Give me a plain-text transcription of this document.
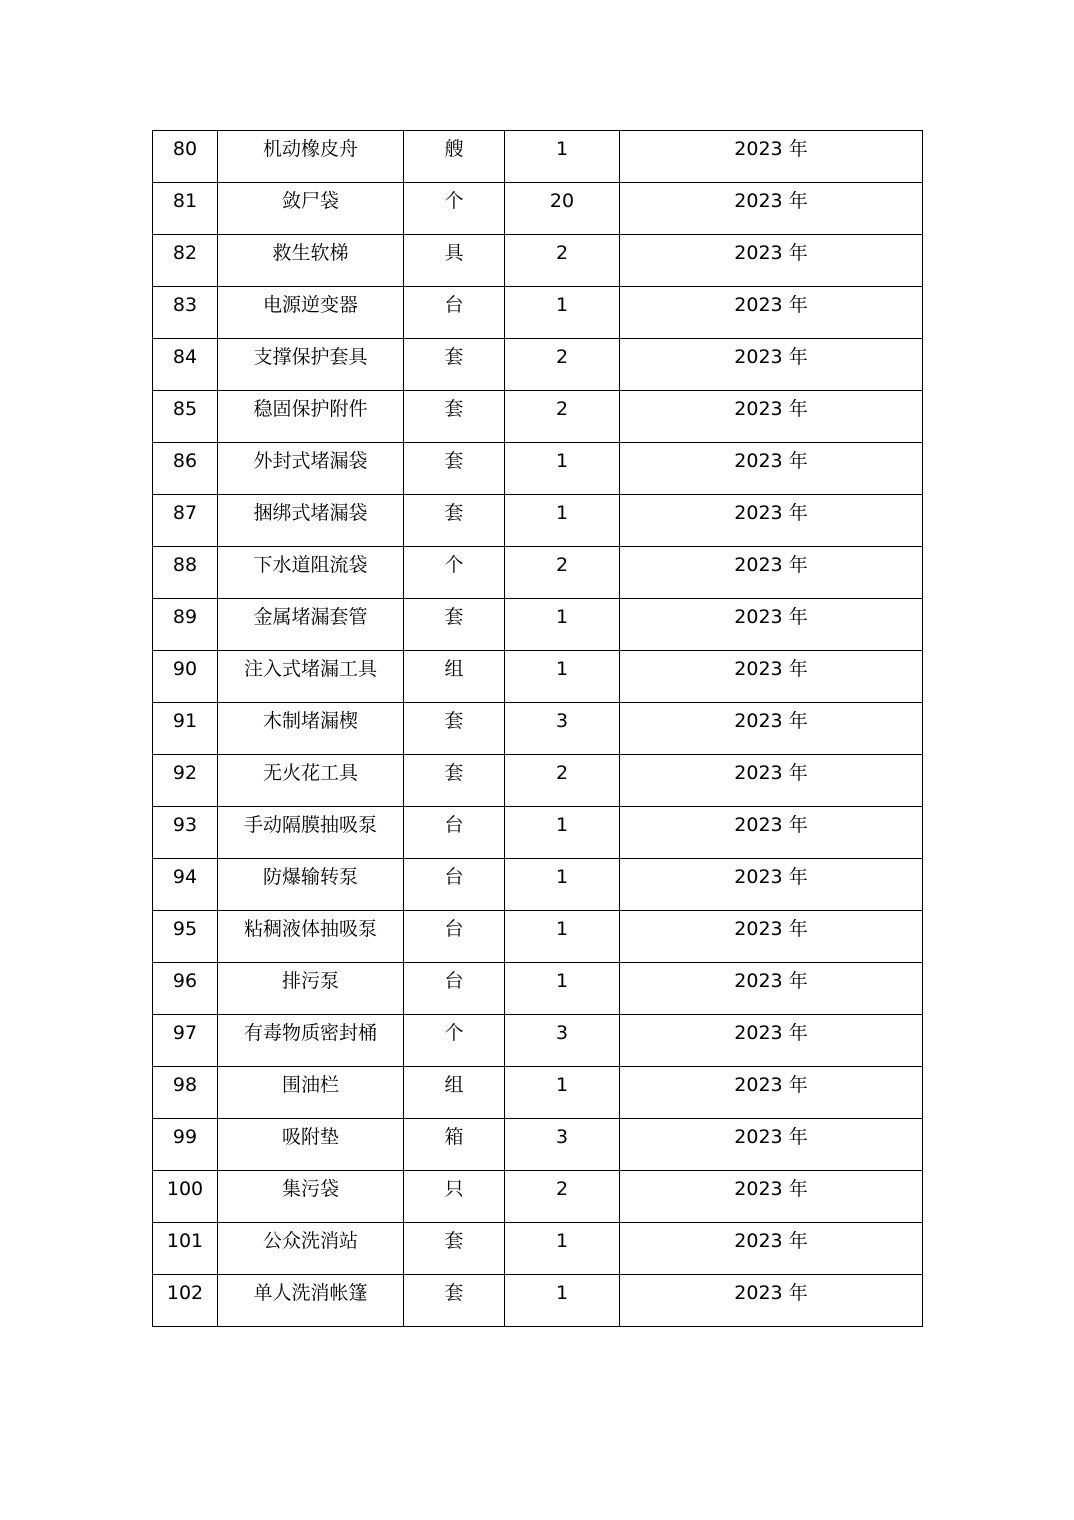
80	机动橡皮舟	艘	1	2023 年

81	敛尸袋	个	20	2023 年

82	救生软梯	具	2	2023 年

83	电源逆变器	台	1	2023 年

84	支撑保护套具	套	2	2023 年

85	稳固保护附件	套	2	2023 年

86	外封式堵漏袋	套	1	2023 年

87	捆绑式堵漏袋	套	1	2023 年

88	下水道阻流袋	个	2	2023 年

89	金属堵漏套管	套	1	2023 年

90	注入式堵漏工具	组	1	2023 年

91	木制堵漏楔	套	3	2023 年

92	无火花工具	套	2	2023 年

93	手动隔膜抽吸泵	台	1	2023 年

94	防爆输转泵	台	1	2023 年

95	粘稠液体抽吸泵	台	1	2023 年

96	排污泵	台	1	2023 年

97	有毒物质密封桶	个	3	2023 年

98	围油栏	组	1	2023 年

99	吸附垫	箱	3	2023 年

100	集污袋	只	2	2023 年

101	公众洗消站	套	1	2023 年

102	单人洗消帐篷	套	1	2023 年
